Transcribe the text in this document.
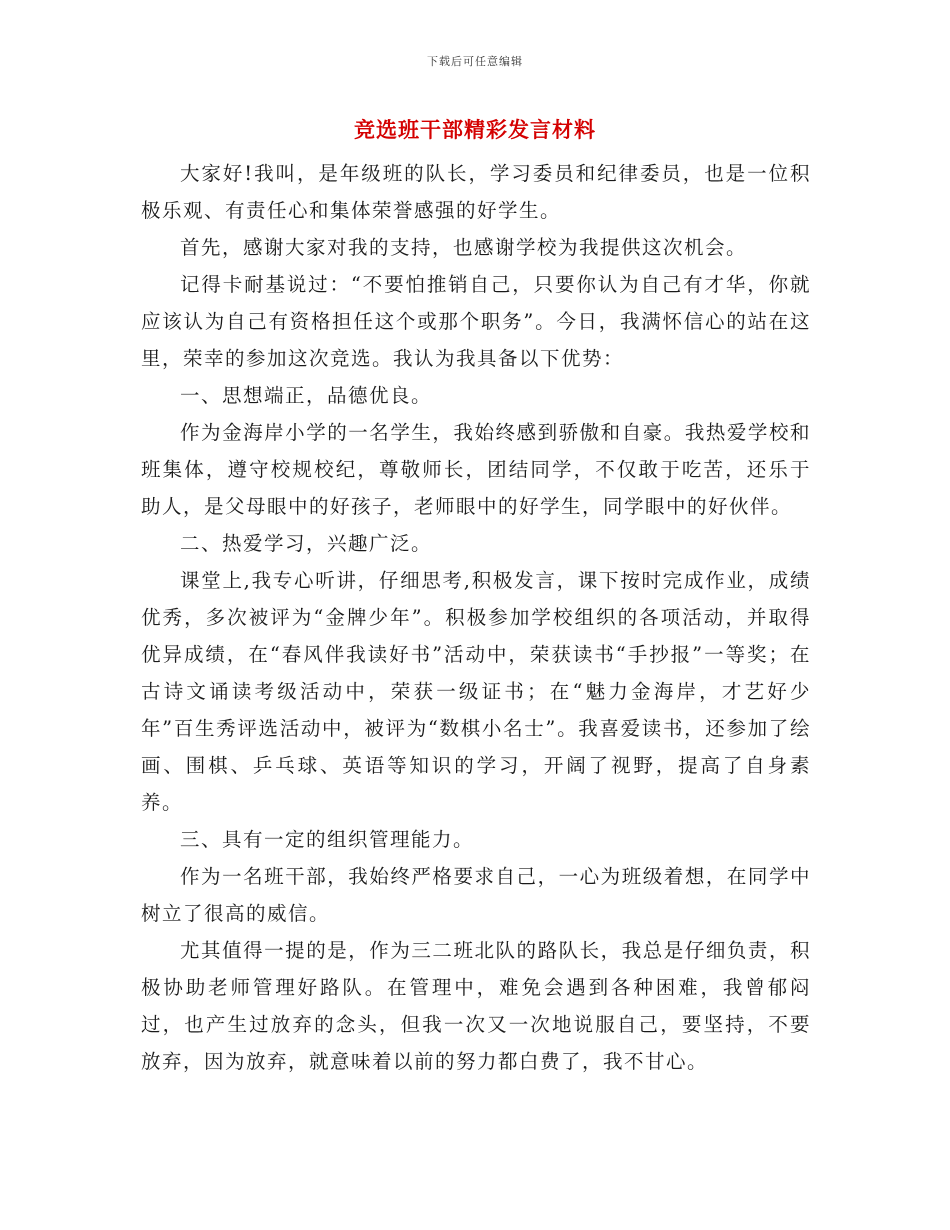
下载后可任意编辑
竞选班干部精彩发言材料

大家好!我叫，是年级班的队长，学习委员和纪律委员，也是一位积极乐观、有责任心和集体荣誉感强的好学生。

首先，感谢大家对我的支持，也感谢学校为我提供这次机会。

记得卡耐基说过：“不要怕推销自己，只要你认为自己有才华，你就应该认为自己有资格担任这个或那个职务”。今日，我满怀信心的站在这里，荣幸的参加这次竞选。我认为我具备以下优势：

一、思想端正，品德优良。

作为金海岸小学的一名学生，我始终感到骄傲和自豪。我热爱学校和班集体，遵守校规校纪，尊敬师长，团结同学，不仅敢于吃苦，还乐于助人，是父母眼中的好孩子，老师眼中的好学生，同学眼中的好伙伴。

二、热爱学习，兴趣广泛。

课堂上,我专心听讲，仔细思考,积极发言，课下按时完成作业，成绩优秀，多次被评为“金牌少年”。积极参加学校组织的各项活动，并取得优异成绩，在“春风伴我读好书”活动中，荣获读书“手抄报”一等奖；在古诗文诵读考级活动中，荣获一级证书；在“魅力金海岸，才艺好少年”百生秀评选活动中，被评为“数棋小名士”。我喜爱读书，还参加了绘画、围棋、乒乓球、英语等知识的学习，开阔了视野，提高了自身素养。

三、具有一定的组织管理能力。

作为一名班干部，我始终严格要求自己，一心为班级着想，在同学中树立了很高的威信。

尤其值得一提的是，作为三二班北队的路队长，我总是仔细负责，积极协助老师管理好路队。在管理中，难免会遇到各种困难，我曾郁闷过，也产生过放弃的念头，但我一次又一次地说服自己，要坚持，不要放弃，因为放弃，就意味着以前的努力都白费了，我不甘心。
